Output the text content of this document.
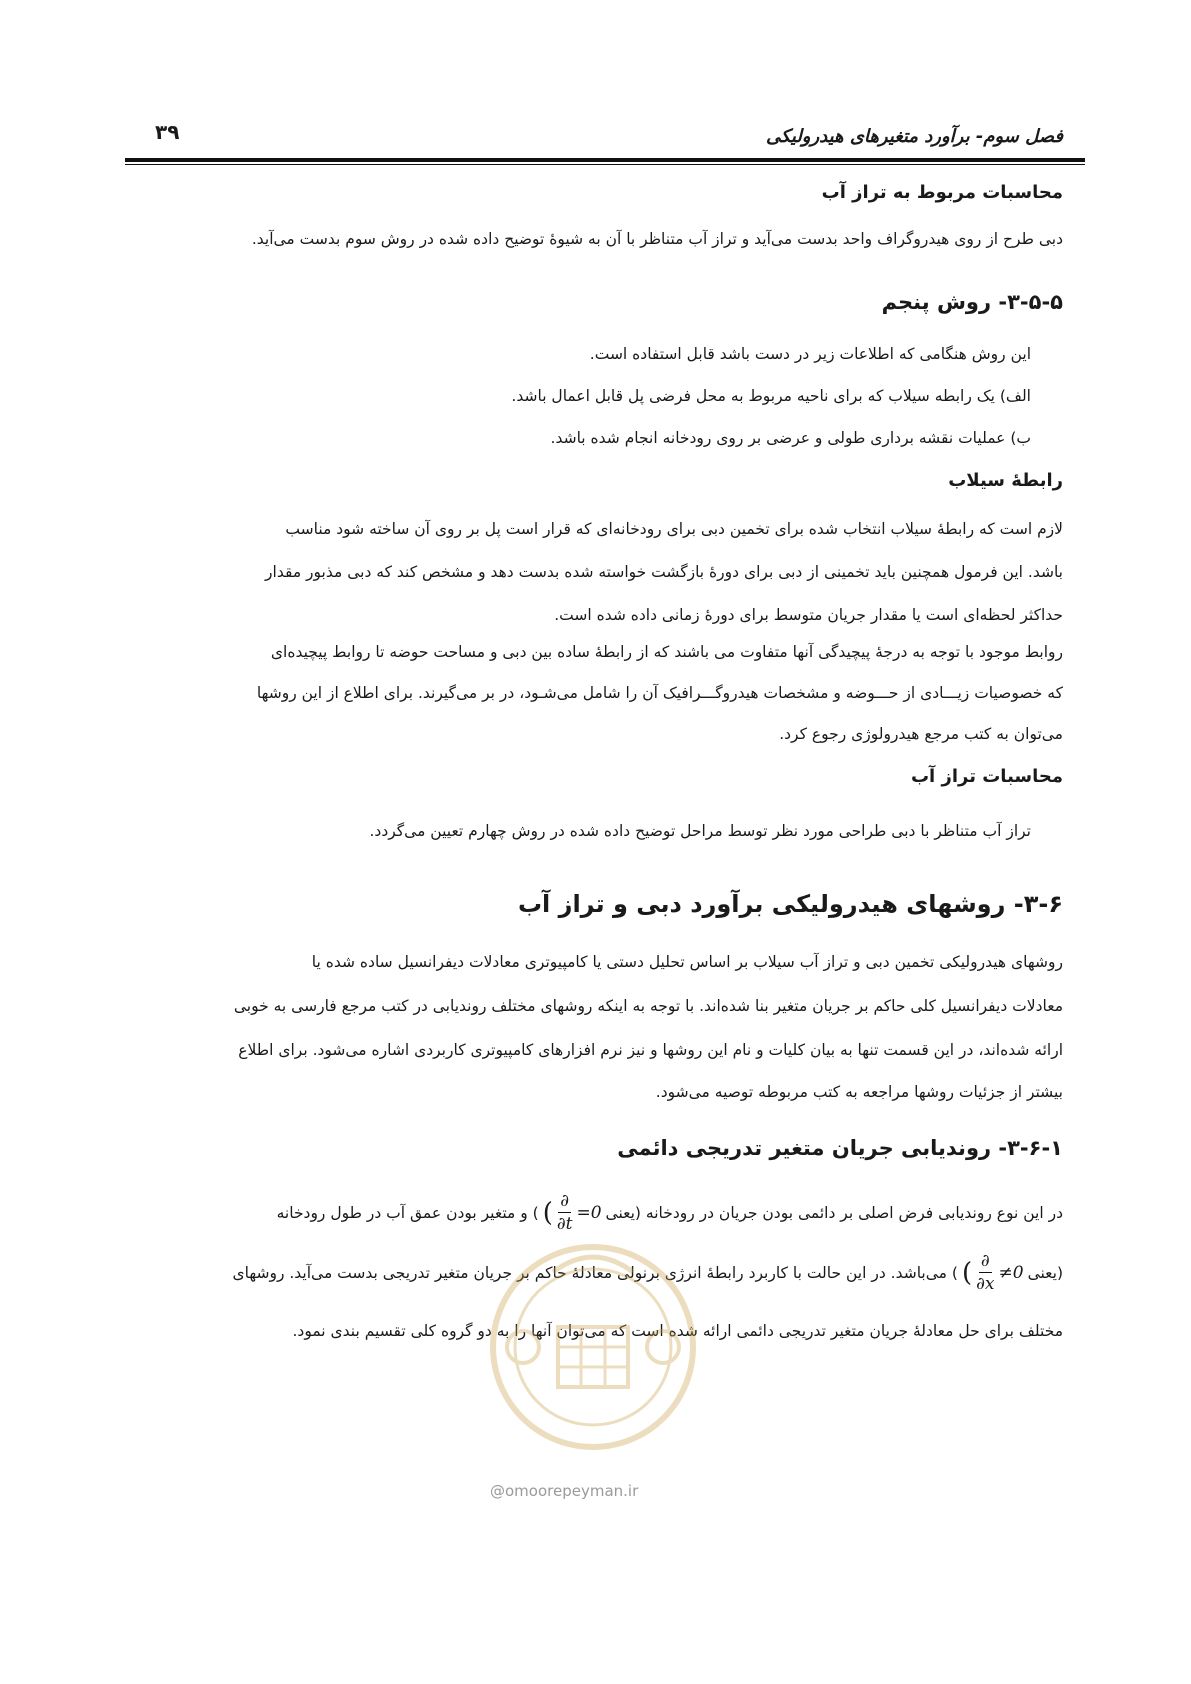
فصل سوم- برآورد متغیرهای هیدرولیکی
۳۹
محاسبات مربوط به تراز آب
دبی طرح از روی هیدروگراف واحد بدست می‌آید و تراز آب متناظر با آن به شیوهٔ توضیح داده شده در روش سوم بدست می‌آید.
۳-۵-۵- روش پنجم
این روش هنگامی که اطلاعات زیر در دست باشد قابل استفاده است.
الف) یک رابطه سیلاب که برای ناحیه مربوط به محل فرضی پل قابل اعمال باشد.
ب) عملیات نقشه برداری طولی و عرضی بر روی رودخانه انجام شده باشد.
رابطهٔ سیلاب
لازم است که رابطهٔ سیلاب انتخاب شده برای تخمین دبی برای رودخانه‌ای که قرار است پل بر روی آن ساخته شود مناسب
باشد. این فرمول همچنین باید تخمینی از دبی برای دورهٔ بازگشت خواسته شده بدست دهد و مشخص کند که دبی مذبور مقدار
حداکثر لحظه‌ای است یا مقدار جریان متوسط برای دورهٔ زمانی داده شده است.
روابط موجود با توجه به درجهٔ پیچیدگی آنها متفاوت می باشند که از رابطهٔ ساده بین دبی و مساحت حوضه تا روابط پیچیده‌ای
که خصوصیات زیـــادی از حـــوضه و مشخصات هیدروگـــرافیک آن را شامل می‌شـود، در بر می‌گیرند. برای اطلاع از این روشها
می‌توان به کتب مرجع هیدرولوژی رجوع کرد.
محاسبات تراز آب
تراز آب متناظر با دبی طراحی مورد نظر توسط مراحل توضیح داده شده در روش چهارم تعیین می‌گردد.
۳-۶- روشهای هیدرولیکی برآورد دبی و تراز آب
روشهای هیدرولیکی تخمین دبی و تراز آب سیلاب بر اساس تحلیل دستی یا کامپیوتری معادلات دیفرانسیل ساده شده یا
معادلات دیفرانسیل کلی حاکم بر جریان متغیر بنا شده‌اند. با توجه به اینکه روشهای مختلف روندیابی در کتب مرجع فارسی به خوبی
ارائه شده‌اند، در این قسمت تنها به بیان کلیات و نام این روشها و نیز نرم افزارهای کامپیوتری کاربردی اشاره می‌شود. برای اطلاع
بیشتر از جزئیات روشها مراجعه به کتب مربوطه توصیه می‌شود.
۳-۶-۱- روندیابی جریان متغیر تدریجی دائمی
در این نوع روندیابی فرض اصلی بر دائمی بودن جریان در رودخانه (یعنی
( $\frac{\partial}{\partial t} =0$
) و متغیر بودن عمق آب در طول رودخانه
(یعنی
( $\frac{\partial}{\partial x} \ne 0$
) می‌باشد. در این حالت با کاربرد رابطهٔ انرژی برنولی معادلهٔ حاکم بر جریان متغیر تدریجی بدست می‌آید. روشهای
مختلف برای حل معادلهٔ جریان متغیر تدریجی دائمی ارائه شده است که می‌توان آنها را به دو گروه کلی تقسیم بندی نمود.
@omoorepeyman.ir
